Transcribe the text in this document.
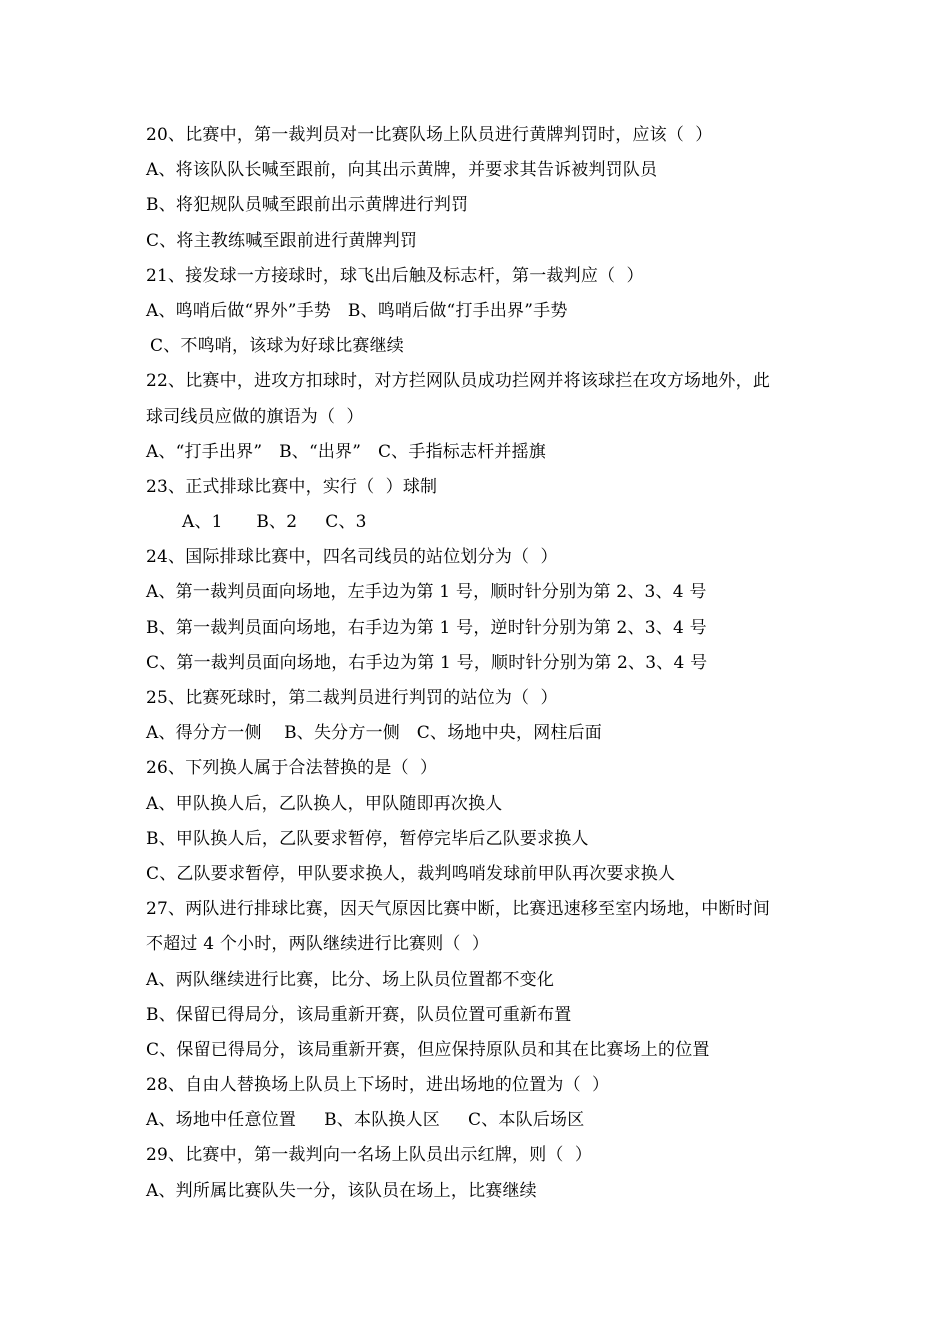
20、比赛中，第一裁判员对一比赛队场上队员进行黄牌判罚时，应该（  ）
A、将该队队长喊至跟前，向其出示黄牌，并要求其告诉被判罚队员
B、将犯规队员喊至跟前出示黄牌进行判罚
C、将主教练喊至跟前进行黄牌判罚
21、接发球一方接球时，球飞出后触及标志杆，第一裁判应（  ）
A、鸣哨后做“界外”手势   B、鸣哨后做“打手出界”手势
C、不鸣哨，该球为好球比赛继续
22、比赛中，进攻方扣球时，对方拦网队员成功拦网并将该球拦在攻方场地外，此
球司线员应做的旗语为（  ）
A、“打手出界”   B、“出界”   C、手指标志杆并摇旗
23、正式排球比赛中，实行（  ）球制
A、1      B、2     C、3
24、国际排球比赛中，四名司线员的站位划分为（  ）
A、第一裁判员面向场地，左手边为第 1 号，顺时针分别为第 2、3、4 号
B、第一裁判员面向场地，右手边为第 1 号，逆时针分别为第 2、3、4 号
C、第一裁判员面向场地，右手边为第 1 号，顺时针分别为第 2、3、4 号
25、比赛死球时，第二裁判员进行判罚的站位为（  ）
A、得分方一侧    B、失分方一侧   C、场地中央，网柱后面
26、下列换人属于合法替换的是（  ）
A、甲队换人后，乙队换人，甲队随即再次换人
B、甲队换人后，乙队要求暂停，暂停完毕后乙队要求换人
C、乙队要求暂停，甲队要求换人，裁判鸣哨发球前甲队再次要求换人
27、两队进行排球比赛，因天气原因比赛中断，比赛迅速移至室内场地，中断时间
不超过 4 个小时，两队继续进行比赛则（  ）
A、两队继续进行比赛，比分、场上队员位置都不变化
B、保留已得局分，该局重新开赛，队员位置可重新布置
C、保留已得局分，该局重新开赛，但应保持原队员和其在比赛场上的位置
28、自由人替换场上队员上下场时，进出场地的位置为（  ）
A、场地中任意位置     B、本队换人区     C、本队后场区
29、比赛中，第一裁判向一名场上队员出示红牌，则（  ）
A、判所属比赛队失一分，该队员在场上，比赛继续
